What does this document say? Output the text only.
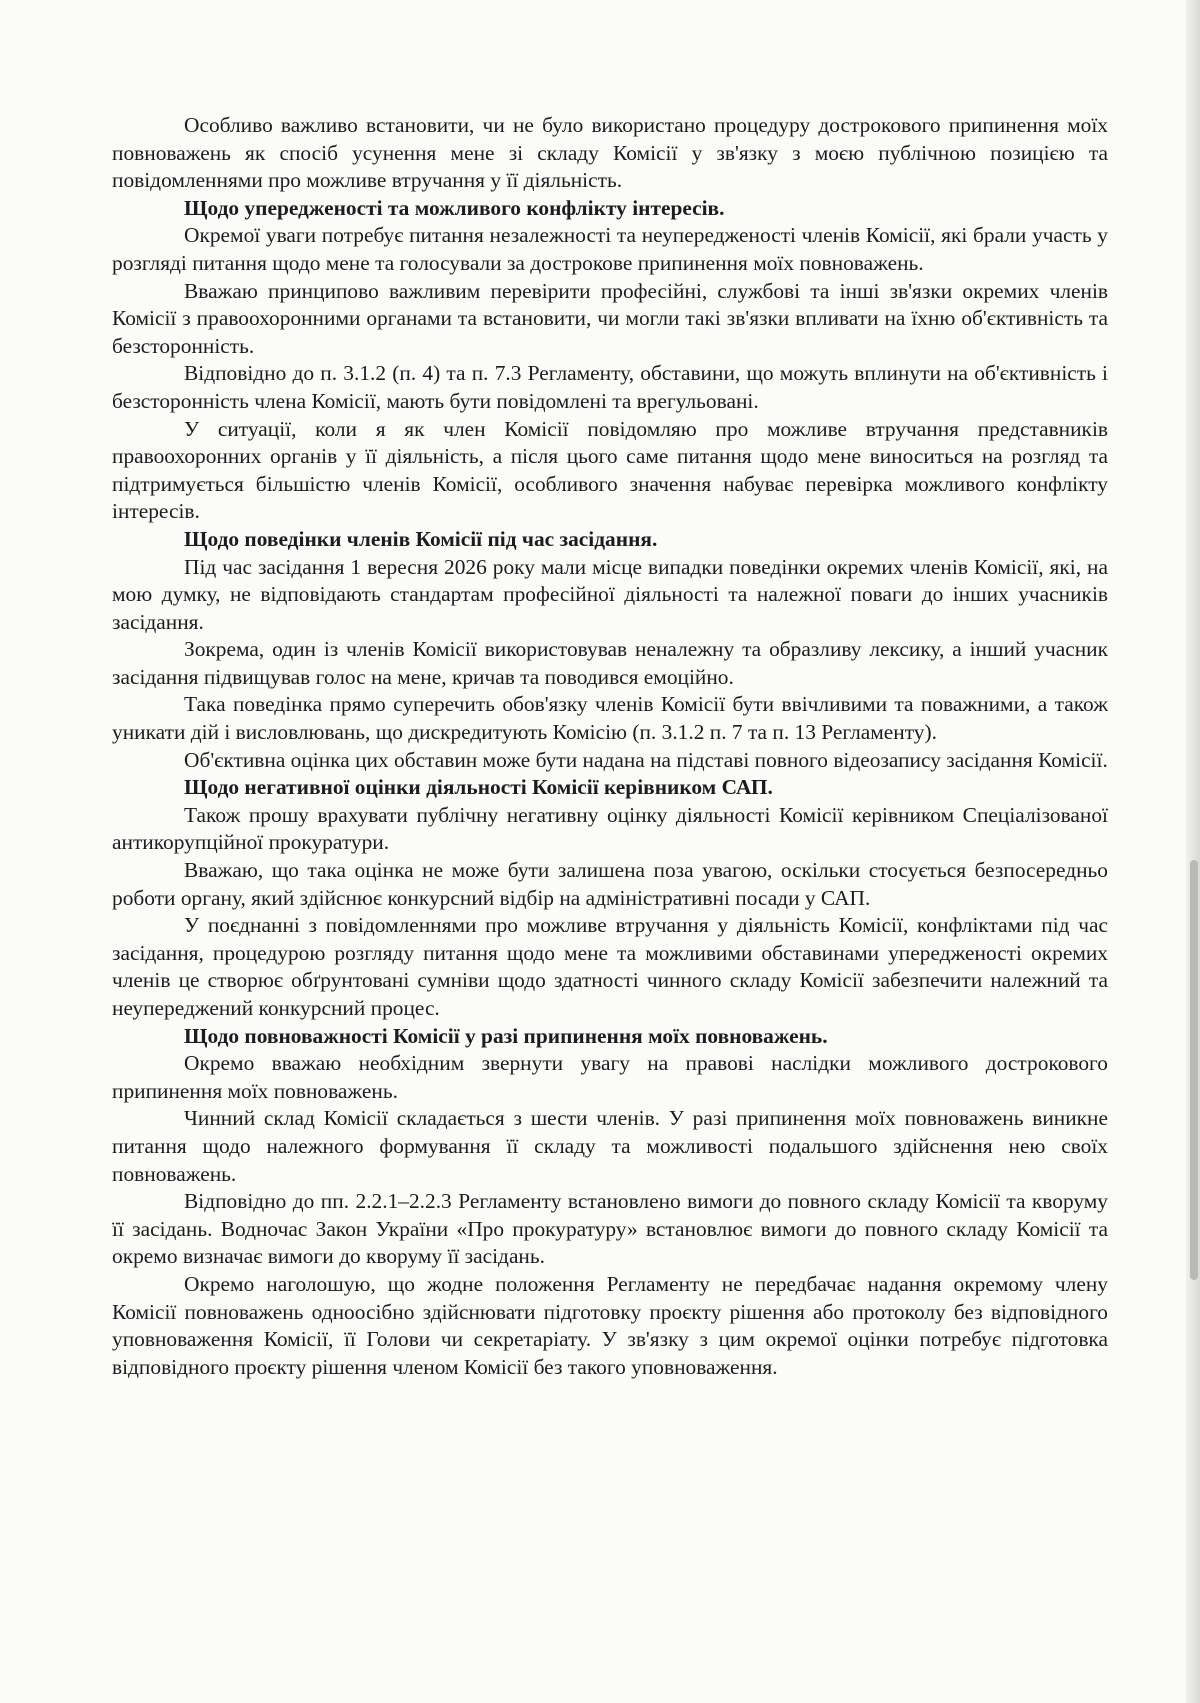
Особливо важливо встановити, чи не було використано процедуру дострокового припинення моїх повноважень як спосіб усунення мене зі складу Комісії у зв'язку з моєю публічною позицією та повідомленнями про можливе втручання у її діяльність.

Щодо упередженості та можливого конфлікту інтересів.

Окремої уваги потребує питання незалежності та неупередженості членів Комісії, які брали участь у розгляді питання щодо мене та голосували за дострокове припинення моїх повноважень.

Вважаю принципово важливим перевірити професійні, службові та інші зв'язки окремих членів Комісії з правоохоронними органами та встановити, чи могли такі зв'язки впливати на їхню об'єктивність та безсторонність.

Відповідно до п. 3.1.2 (п. 4) та п. 7.3 Регламенту, обставини, що можуть вплинути на об'єктивність і безсторонність члена Комісії, мають бути повідомлені та врегульовані.

У ситуації, коли я як член Комісії повідомляю про можливе втручання представників правоохоронних органів у її діяльність, а після цього саме питання щодо мене виноситься на розгляд та підтримується більшістю членів Комісії, особливого значення набуває перевірка можливого конфлікту інтересів.

Щодо поведінки членів Комісії під час засідання.

Під час засідання 1 вересня 2026 року мали місце випадки поведінки окремих членів Комісії, які, на мою думку, не відповідають стандартам професійної діяльності та належної поваги до інших учасників засідання.

Зокрема, один із членів Комісії використовував неналежну та образливу лексику, а інший учасник засідання підвищував голос на мене, кричав та поводився емоційно.

Така поведінка прямо суперечить обов'язку членів Комісії бути ввічливими та поважними, а також уникати дій і висловлювань, що дискредитують Комісію (п. 3.1.2 п. 7 та п. 13 Регламенту).

Об'єктивна оцінка цих обставин може бути надана на підставі повного відеозапису засідання Комісії.

Щодо негативної оцінки діяльності Комісії керівником САП.

Також прошу врахувати публічну негативну оцінку діяльності Комісії керівником Спеціалізованої антикорупційної прокуратури.

Вважаю, що така оцінка не може бути залишена поза увагою, оскільки стосується безпосередньо роботи органу, який здійснює конкурсний відбір на адміністративні посади у САП.

У поєднанні з повідомленнями про можливе втручання у діяльність Комісії, конфліктами під час засідання, процедурою розгляду питання щодо мене та можливими обставинами упередженості окремих членів це створює обґрунтовані сумніви щодо здатності чинного складу Комісії забезпечити належний та неупереджений конкурсний процес.

Щодо повноважності Комісії у разі припинення моїх повноважень.

Окремо вважаю необхідним звернути увагу на правові наслідки можливого дострокового припинення моїх повноважень.

Чинний склад Комісії складається з шести членів. У разі припинення моїх повноважень виникне питання щодо належного формування її складу та можливості подальшого здійснення нею своїх повноважень.

Відповідно до пп. 2.2.1–2.2.3 Регламенту встановлено вимоги до повного складу Комісії та кворуму її засідань. Водночас Закон України «Про прокуратуру» встановлює вимоги до повного складу Комісії та окремо визначає вимоги до кворуму її засідань.

Окремо наголошую, що жодне положення Регламенту не передбачає надання окремому члену Комісії повноважень одноосібно здійснювати підготовку проєкту рішення або протоколу без відповідного уповноваження Комісії, її Голови чи секретаріату. У зв'язку з цим окремої оцінки потребує підготовка відповідного проєкту рішення членом Комісії без такого уповноваження.
